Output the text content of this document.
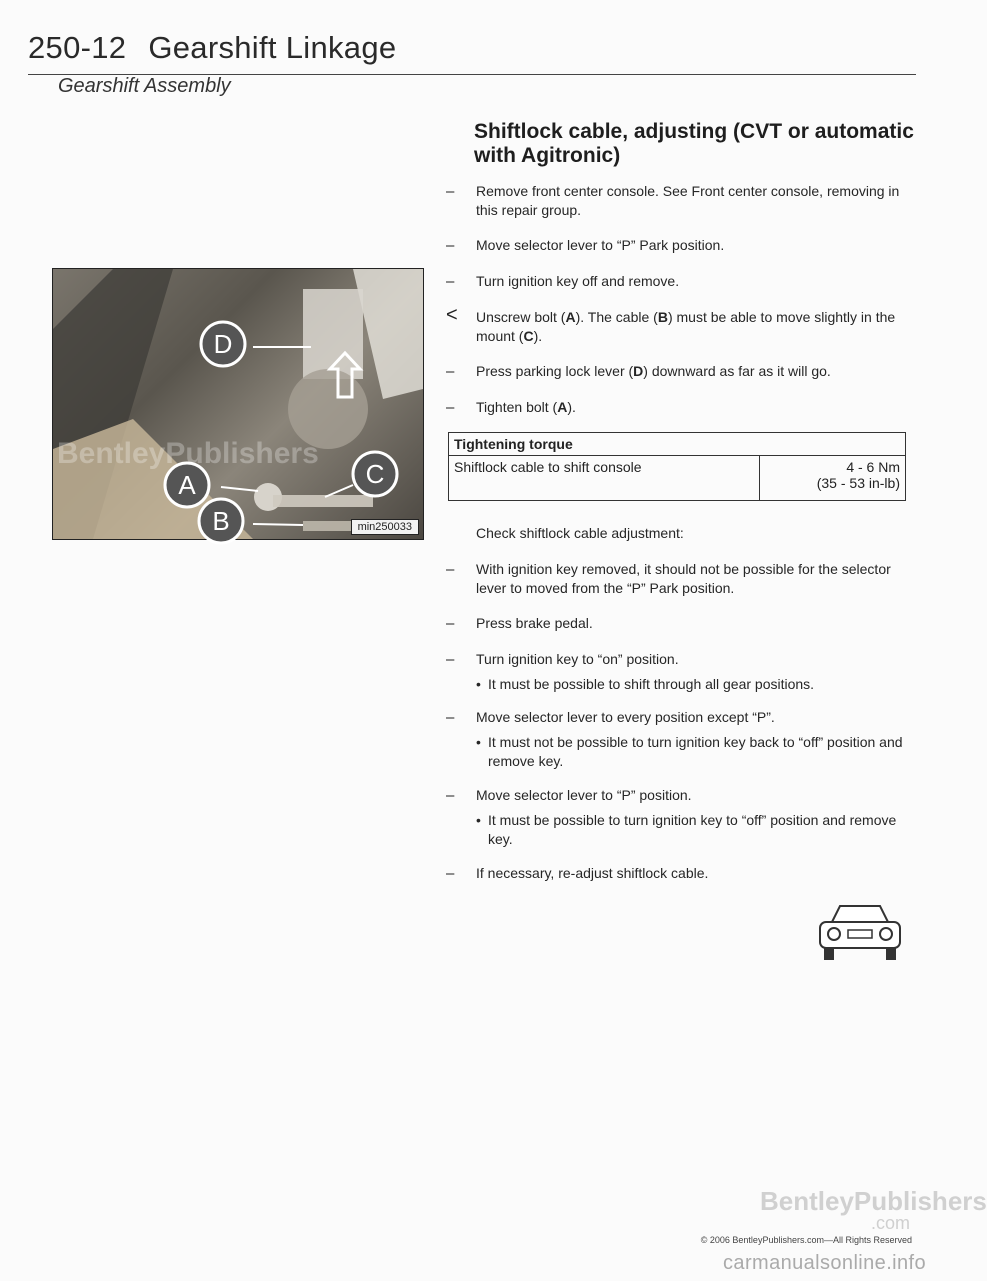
250-12 Gearshift Linkage
Gearshift Assembly
D
A
B
C
BentleyPublishers
min250033
Shiftlock cable, adjusting (CVT or automatic with Agitronic)
– Remove front center console. See Front center console, removing in this repair group.
– Move selector lever to “P” Park position.
– Turn ignition key off and remove.
< Unscrew bolt (A). The cable (B) must be able to move slightly in the mount (C).
– Press parking lock lever (D) downward as far as it will go.
– Tighten bolt (A).
Tightening torque
Shiftlock cable to shift console	4 - 6 Nm
(35 - 53 in-lb)
Check shiftlock cable adjustment:
– With ignition key removed, it should not be possible for the selector lever to moved from the “P” Park position.
– Press brake pedal.
– Turn ignition key to “on” position.
• It must be possible to shift through all gear positions.
– Move selector lever to every position except “P”.
• It must not be possible to turn ignition key back to “off” position and remove key.
– Move selector lever to “P” position.
• It must be possible to turn ignition key to “off” position and remove key.
– If necessary, re-adjust shiftlock cable.
BentleyPublishers
.com
© 2006 BentleyPublishers.com—All Rights Reserved
carmanualsonline.info
